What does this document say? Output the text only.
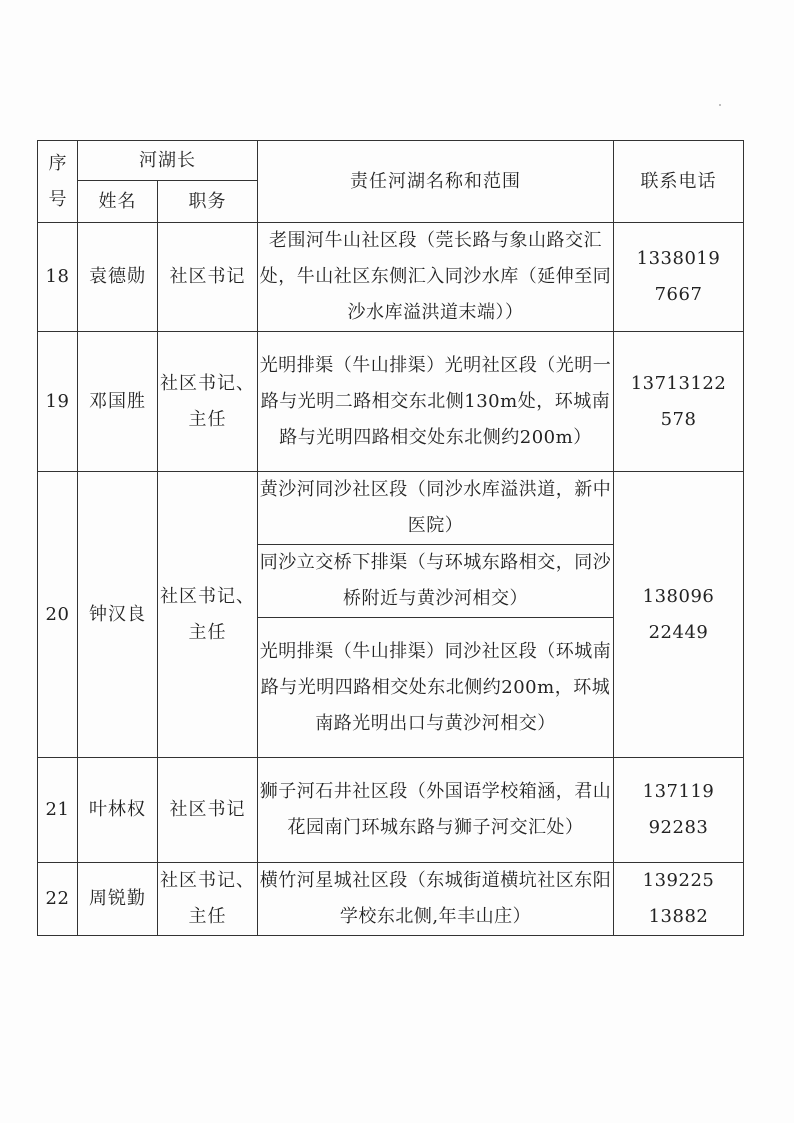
序
号	河湖长		责任河湖名称和范围	联系电话
	姓名	职务		
18	袁德勋	社区书记	老围河牛山社区段（莞长路与象山路交汇处，牛山社区东侧汇入同沙水库（延伸至同沙水库溢洪道末端））	1338019
7667

19	邓国胜	社区书记、
主任	光明排渠（牛山排渠）光明社区段（光明一路与光明二路相交东北侧130m处，环城南路与光明四路相交处东北侧约200m）	13713122
578

20	钟汉良	社区书记、
主任	黄沙河同沙社区段（同沙水库溢洪道，新中医院）	138096
22449

			同沙立交桥下排渠（与环城东路相交，同沙桥附近与黄沙河相交）	
			光明排渠（牛山排渠）同沙社区段（环城南路与光明四路相交处东北侧约200m，环城南路光明出口与黄沙河相交）	
21	叶林权	社区书记	狮子河石井社区段（外国语学校箱涵，君山花园南门环城东路与狮子河交汇处）	137119
92283

22	周锐勤	社区书记、
主任	横竹河星城社区段（东城街道横坑社区东阳学校东北侧,年丰山庄）	139225
13882
